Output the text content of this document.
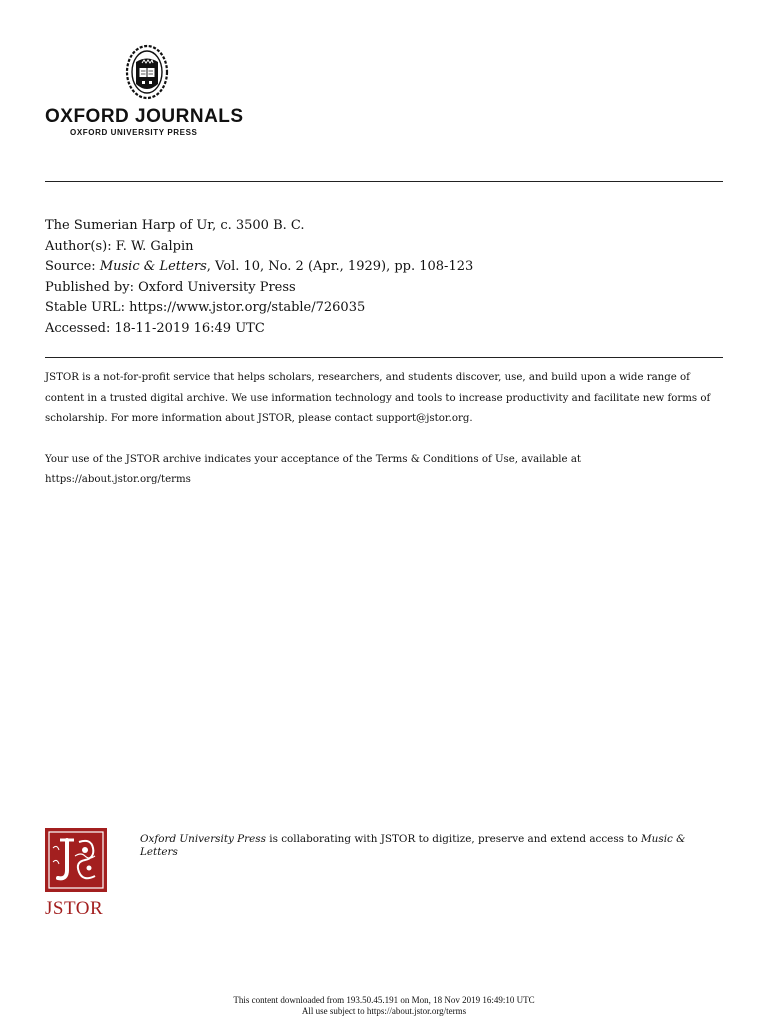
OXFORD JOURNALS
OXFORD UNIVERSITY PRESS
The Sumerian Harp of Ur, c. 3500 B. C.
Author(s): F. W. Galpin
Source: Music & Letters, Vol. 10, No. 2 (Apr., 1929), pp. 108-123
Published by: Oxford University Press
Stable URL: https://www.jstor.org/stable/726035
Accessed: 18-11-2019 16:49 UTC

JSTOR is a not-for-profit service that helps scholars, researchers, and students discover, use, and build upon a wide range of content in a trusted digital archive. We use information technology and tools to increase productivity and facilitate new forms of scholarship. For more information about JSTOR, please contact support@jstor.org.

Your use of the JSTOR archive indicates your acceptance of the Terms & Conditions of Use, available at https://about.jstor.org/terms

JSTOR
Oxford University Press is collaborating with JSTOR to digitize, preserve and extend access to Music & Letters
This content downloaded from 193.50.45.191 on Mon, 18 Nov 2019 16:49:10 UTC
All use subject to https://about.jstor.org/terms
